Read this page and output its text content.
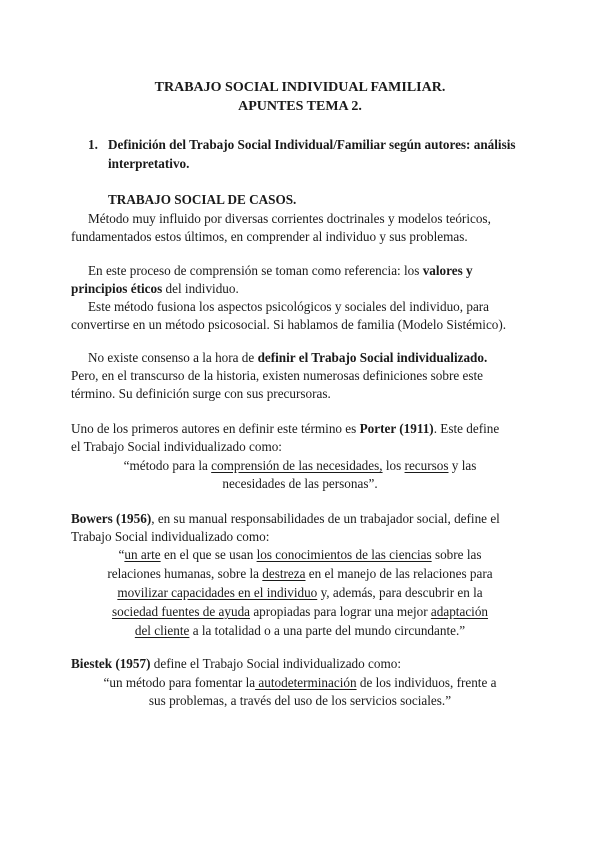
TRABAJO SOCIAL INDIVIDUAL FAMILIAR.
APUNTES TEMA 2.
1. Definición del Trabajo Social Individual/Familiar según autores: análisis
interpretativo.
TRABAJO SOCIAL DE CASOS.
Método muy influido por diversas corrientes doctrinales y modelos teóricos,
fundamentados estos últimos, en comprender al individuo y sus problemas.
En este proceso de comprensión se toman como referencia: los valores y
principios éticos del individuo.
Este método fusiona los aspectos psicológicos y sociales del individuo, para
convertirse en un método psicosocial. Si hablamos de familia (Modelo Sistémico).
No existe consenso a la hora de definir el Trabajo Social individualizado.
Pero, en el transcurso de la historia, existen numerosas definiciones sobre este
término. Su definición surge con sus precursoras.
Uno de los primeros autores en definir este término es Porter (1911). Este define
el Trabajo Social individualizado como:
“método para la comprensión de las necesidades, los recursos y las
necesidades de las personas”.
Bowers (1956), en su manual responsabilidades de un trabajador social, define el
Trabajo Social individualizado como:
“un arte en el que se usan los conocimientos de las ciencias sobre las
relaciones humanas, sobre la destreza en el manejo de las relaciones para
movilizar capacidades en el individuo y, además, para descubrir en la
sociedad fuentes de ayuda apropiadas para lograr una mejor adaptación
del cliente a la totalidad o a una parte del mundo circundante.”
Biestek (1957) define el Trabajo Social individualizado como:
“un método para fomentar la autodeterminación de los individuos, frente a
sus problemas, a través del uso de los servicios sociales.”
